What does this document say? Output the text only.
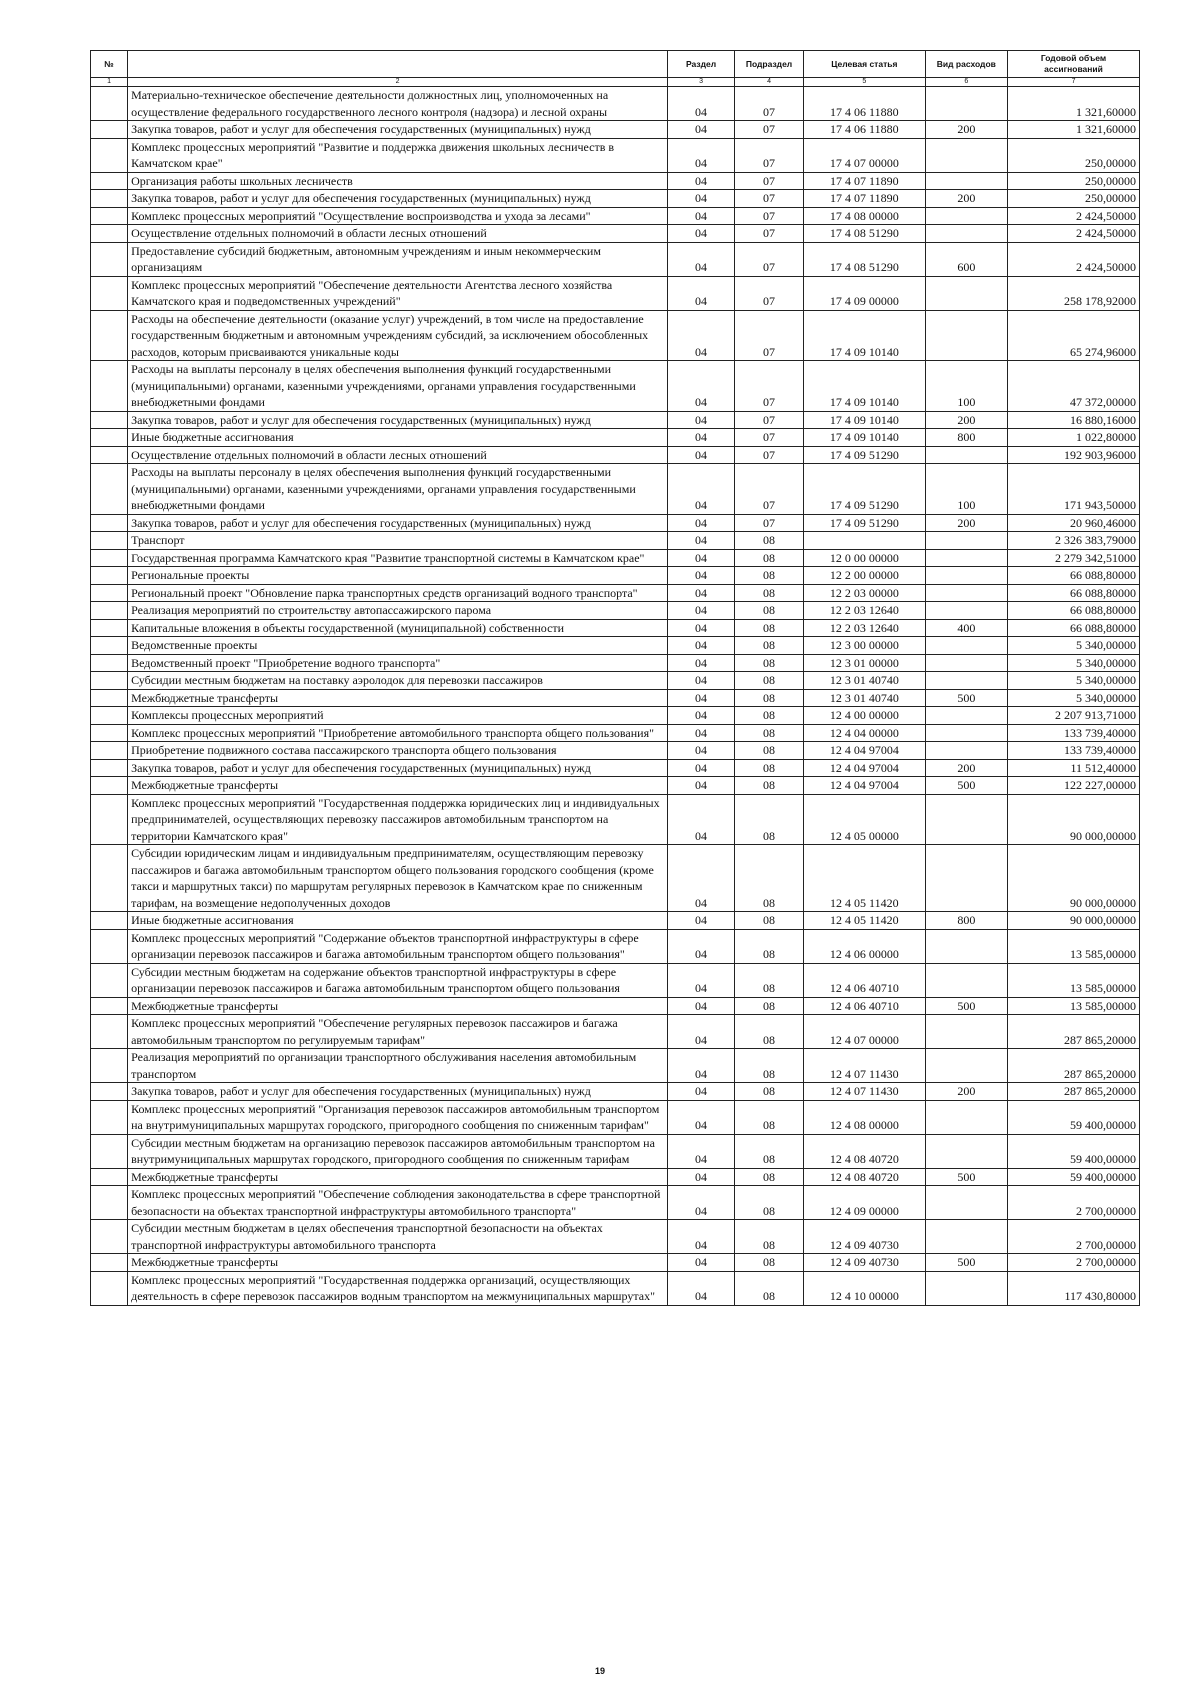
№		Раздел	Подраздел	Целевая статья	Вид расходов	Годовой объем ассигнований
1	2	3	4	5	6	7
	Материально-техническое обеспечение деятельности должностных лиц, уполномоченных на осуществление федерального государственного лесного контроля (надзора) и лесной охраны	04	07	17 4 06 11880		1 321,60000
	Закупка товаров, работ и услуг для обеспечения государственных (муниципальных) нужд	04	07	17 4 06 11880	200	1 321,60000
	Комплекс процессных мероприятий "Развитие и поддержка движения школьных лесничеств в Камчатском крае"	04	07	17 4 07 00000		250,00000
	Организация работы школьных лесничеств	04	07	17 4 07 11890		250,00000
	Закупка товаров, работ и услуг для обеспечения государственных (муниципальных) нужд	04	07	17 4 07 11890	200	250,00000
	Комплекс процессных мероприятий "Осуществление воспроизводства и ухода за лесами"	04	07	17 4 08 00000		2 424,50000
	Осуществление отдельных полномочий в области лесных отношений	04	07	17 4 08 51290		2 424,50000
	Предоставление субсидий бюджетным, автономным учреждениям и иным некоммерческим организациям	04	07	17 4 08 51290	600	2 424,50000
	Комплекс процессных мероприятий "Обеспечение деятельности Агентства лесного хозяйства Камчатского края и подведомственных учреждений"	04	07	17 4 09 00000		258 178,92000
	Расходы на обеспечение деятельности (оказание услуг) учреждений, в том числе на предоставление государственным бюджетным и автономным учреждениям субсидий, за исключением обособленных расходов, которым присваиваются уникальные коды	04	07	17 4 09 10140		65 274,96000
	Расходы на выплаты персоналу в целях обеспечения выполнения функций государственными (муниципальными) органами, казенными учреждениями, органами управления государственными внебюджетными фондами	04	07	17 4 09 10140	100	47 372,00000
	Закупка товаров, работ и услуг для обеспечения государственных (муниципальных) нужд	04	07	17 4 09 10140	200	16 880,16000
	Иные бюджетные ассигнования	04	07	17 4 09 10140	800	1 022,80000
	Осуществление отдельных полномочий в области лесных отношений	04	07	17 4 09 51290		192 903,96000
	Расходы на выплаты персоналу в целях обеспечения выполнения функций государственными (муниципальными) органами, казенными учреждениями, органами управления государственными внебюджетными фондами	04	07	17 4 09 51290	100	171 943,50000
	Закупка товаров, работ и услуг для обеспечения государственных (муниципальных) нужд	04	07	17 4 09 51290	200	20 960,46000
	Транспорт	04	08			2 326 383,79000
	Государственная программа Камчатского края "Развитие транспортной системы в Камчатском крае"	04	08	12 0 00 00000		2 279 342,51000
	Региональные проекты	04	08	12 2 00 00000		66 088,80000
	Региональный проект "Обновление парка транспортных средств организаций водного транспорта"	04	08	12 2 03 00000		66 088,80000
	Реализация мероприятий по строительству автопассажирского парома	04	08	12 2 03 12640		66 088,80000
	Капитальные вложения в объекты государственной (муниципальной) собственности	04	08	12 2 03 12640	400	66 088,80000
	Ведомственные проекты	04	08	12 3 00 00000		5 340,00000
	Ведомственный проект "Приобретение водного транспорта"	04	08	12 3 01 00000		5 340,00000
	Субсидии местным бюджетам на поставку аэролодок для перевозки пассажиров	04	08	12 3 01 40740		5 340,00000
	Межбюджетные трансферты	04	08	12 3 01 40740	500	5 340,00000
	Комплексы процессных мероприятий	04	08	12 4 00 00000		2 207 913,71000
	Комплекс процессных мероприятий "Приобретение автомобильного транспорта общего пользования"	04	08	12 4 04 00000		133 739,40000
	Приобретение подвижного состава пассажирского транспорта общего пользования	04	08	12 4 04 97004		133 739,40000
	Закупка товаров, работ и услуг для обеспечения государственных (муниципальных) нужд	04	08	12 4 04 97004	200	11 512,40000
	Межбюджетные трансферты	04	08	12 4 04 97004	500	122 227,00000
	Комплекс процессных мероприятий "Государственная поддержка юридических лиц и индивидуальных предпринимателей, осуществляющих перевозку пассажиров автомобильным транспортом на территории Камчатского края"	04	08	12 4 05 00000		90 000,00000
	Субсидии юридическим лицам и индивидуальным предпринимателям, осуществляющим перевозку пассажиров и багажа автомобильным транспортом общего пользования городского сообщения (кроме такси и маршрутных такси) по маршрутам регулярных перевозок в Камчатском крае по сниженным тарифам, на возмещение недополученных доходов	04	08	12 4 05 11420		90 000,00000
	Иные бюджетные ассигнования	04	08	12 4 05 11420	800	90 000,00000
	Комплекс процессных мероприятий "Содержание объектов транспортной инфраструктуры в сфере организации перевозок пассажиров и багажа автомобильным транспортом общего пользования"	04	08	12 4 06 00000		13 585,00000
	Субсидии местным бюджетам на содержание объектов транспортной инфраструктуры в сфере организации перевозок пассажиров и багажа автомобильным транспортом общего пользования	04	08	12 4 06 40710		13 585,00000
	Межбюджетные трансферты	04	08	12 4 06 40710	500	13 585,00000
	Комплекс процессных мероприятий "Обеспечение регулярных перевозок пассажиров и багажа автомобильным транспортом по регулируемым тарифам"	04	08	12 4 07 00000		287 865,20000
	Реализация мероприятий по организации транспортного обслуживания населения автомобильным транспортом	04	08	12 4 07 11430		287 865,20000
	Закупка товаров, работ и услуг для обеспечения государственных (муниципальных) нужд	04	08	12 4 07 11430	200	287 865,20000
	Комплекс процессных мероприятий "Организация перевозок пассажиров автомобильным транспортом на внутримуниципальных маршрутах городского, пригородного сообщения по сниженным тарифам"	04	08	12 4 08 00000		59 400,00000
	Субсидии местным бюджетам на организацию перевозок пассажиров автомобильным транспортом на внутримуниципальных маршрутах городского, пригородного сообщения по сниженным тарифам	04	08	12 4 08 40720		59 400,00000
	Межбюджетные трансферты	04	08	12 4 08 40720	500	59 400,00000
	Комплекс процессных мероприятий "Обеспечение соблюдения законодательства в сфере транспортной безопасности на объектах транспортной инфраструктуры автомобильного транспорта"	04	08	12 4 09 00000		2 700,00000
	Субсидии местным бюджетам в целях обеспечения транспортной безопасности на объектах транспортной инфраструктуры автомобильного транспорта	04	08	12 4 09 40730		2 700,00000
	Межбюджетные трансферты	04	08	12 4 09 40730	500	2 700,00000
	Комплекс процессных мероприятий "Государственная поддержка организаций, осуществляющих деятельность в сфере перевозок пассажиров водным транспортом на межмуниципальных маршрутах"	04	08	12 4 10 00000		117 430,80000
19
